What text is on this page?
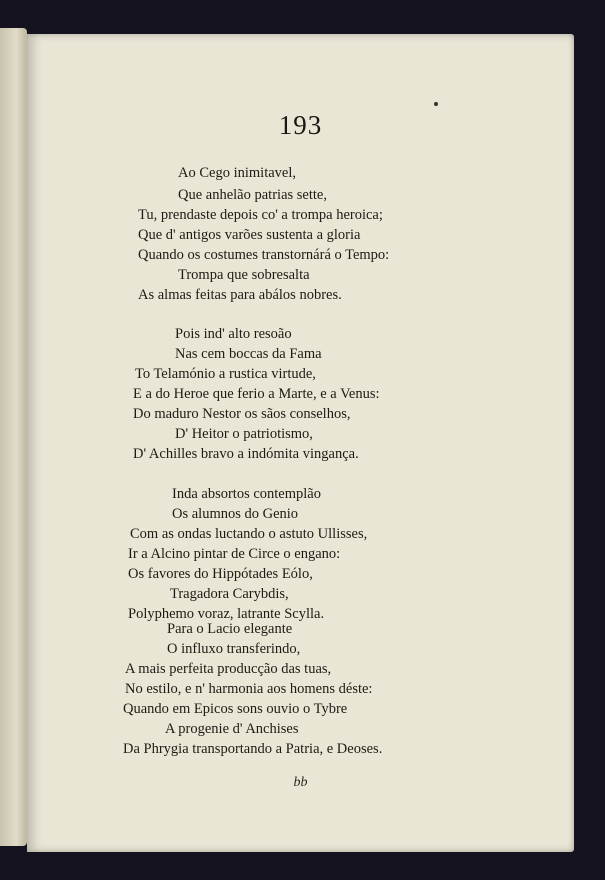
193
Ao Cego inimitavel,
Que anhelão patrias sette,
Tu, prendaste depois co' a trompa heroica;
Que d' antigos varões sustenta a gloria
Quando os costumes transtornárá o Tempo:
Trompa que sobresalta
As almas feitas para abálos nobres.
Pois ind' alto resoão
Nas cem boccas da Fama
To Telamónio a rustica virtude,
E a do Heroe que ferio a Marte, e a Venus:
Do maduro Nestor os sãos conselhos,
D' Heitor o patriotismo,
D' Achilles bravo a indómita vingança.
Inda absortos contemplão
Os alumnos do Genio
Com as ondas luctando o astuto Ullisses,
Ir a Alcino pintar de Circe o engano:
Os favores do Hippótades Eólo,
Tragadora Carybdis,
Polyphemo voraz, latrante Scylla.
Para o Lacio elegante
O influxo transferindo,
A mais perfeita producção das tuas,
No estilo, e n' harmonia aos homens déste:
Quando em Epicos sons ouvio o Tybre
A progenie d' Anchises
Da Phrygia transportando a Patria, e Deoses.
bb
